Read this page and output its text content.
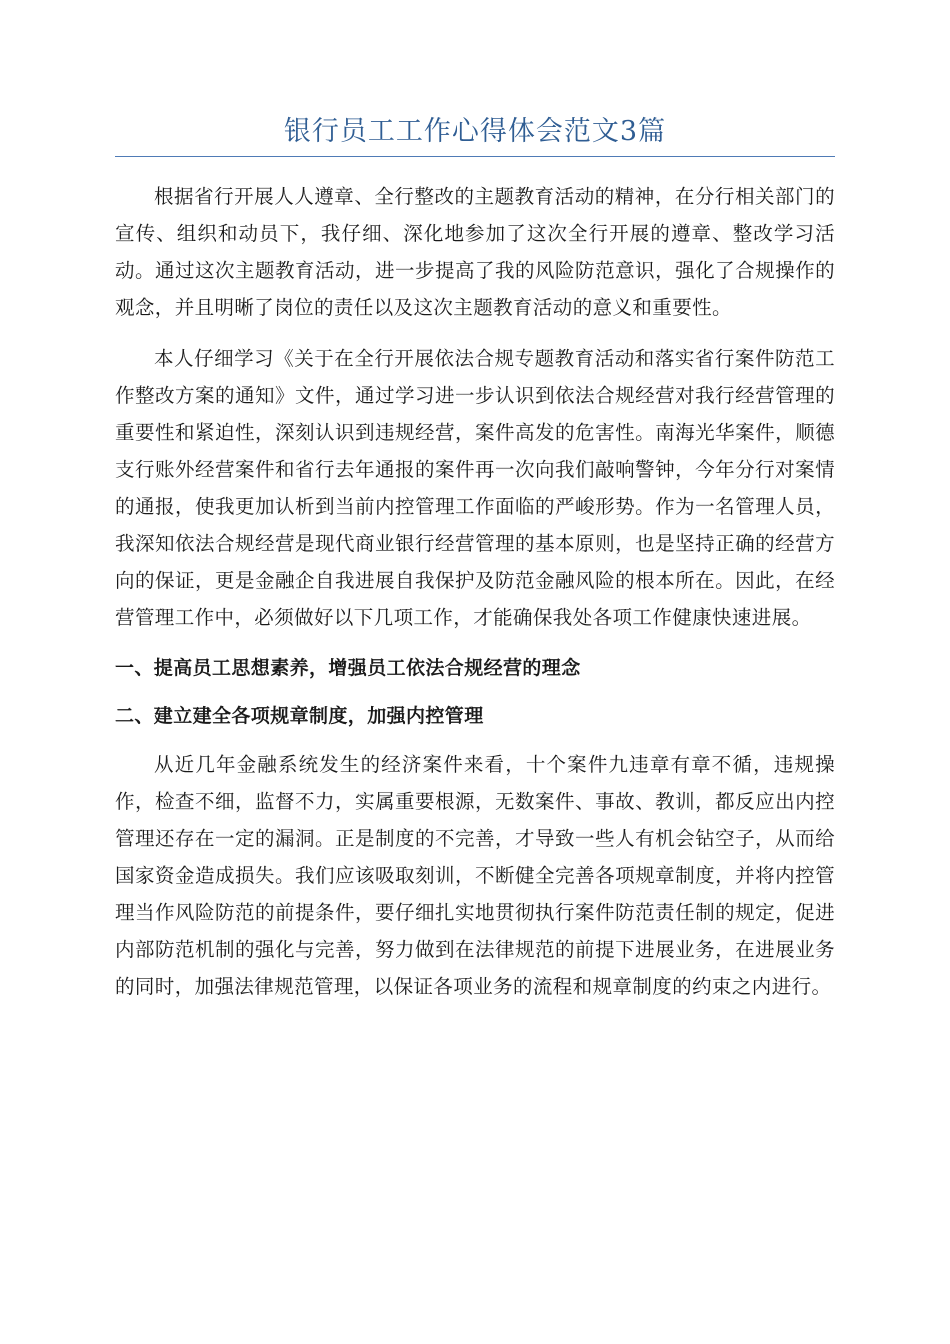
银行员工工作心得体会范文3篇

根据省行开展人人遵章、全行整改的主题教育活动的精神，在分行相关部门的宣传、组织和动员下，我仔细、深化地参加了这次全行开展的遵章、整改学习活动。通过这次主题教育活动，进一步提高了我的风险防范意识，强化了合规操作的观念，并且明晰了岗位的责任以及这次主题教育活动的意义和重要性。

本人仔细学习《关于在全行开展依法合规专题教育活动和落实省行案件防范工作整改方案的通知》文件，通过学习进一步认识到依法合规经营对我行经营管理的重要性和紧迫性，深刻认识到违规经营，案件高发的危害性。南海光华案件，顺德支行账外经营案件和省行去年通报的案件再一次向我们敲响警钟，今年分行对案情的通报，使我更加认析到当前内控管理工作面临的严峻形势。作为一名管理人员，我深知依法合规经营是现代商业银行经营管理的基本原则，也是坚持正确的经营方向的保证，更是金融企自我进展自我保护及防范金融风险的根本所在。因此，在经营管理工作中，必须做好以下几项工作，才能确保我处各项工作健康快速进展。

一、提高员工思想素养，增强员工依法合规经营的理念

二、建立建全各项规章制度，加强内控管理

从近几年金融系统发生的经济案件来看，十个案件九违章有章不循，违规操作，检查不细，监督不力，实属重要根源，无数案件、事故、教训，都反应出内控管理还存在一定的漏洞。正是制度的不完善，才导致一些人有机会钻空子，从而给国家资金造成损失。我们应该吸取刻训，不断健全完善各项规章制度，并将内控管理当作风险防范的前提条件，要仔细扎实地贯彻执行案件防范责任制的规定，促进内部防范机制的强化与完善，努力做到在法律规范的前提下进展业务，在进展业务的同时，加强法律规范管理，以保证各项业务的流程和规章制度的约束之内进行。
